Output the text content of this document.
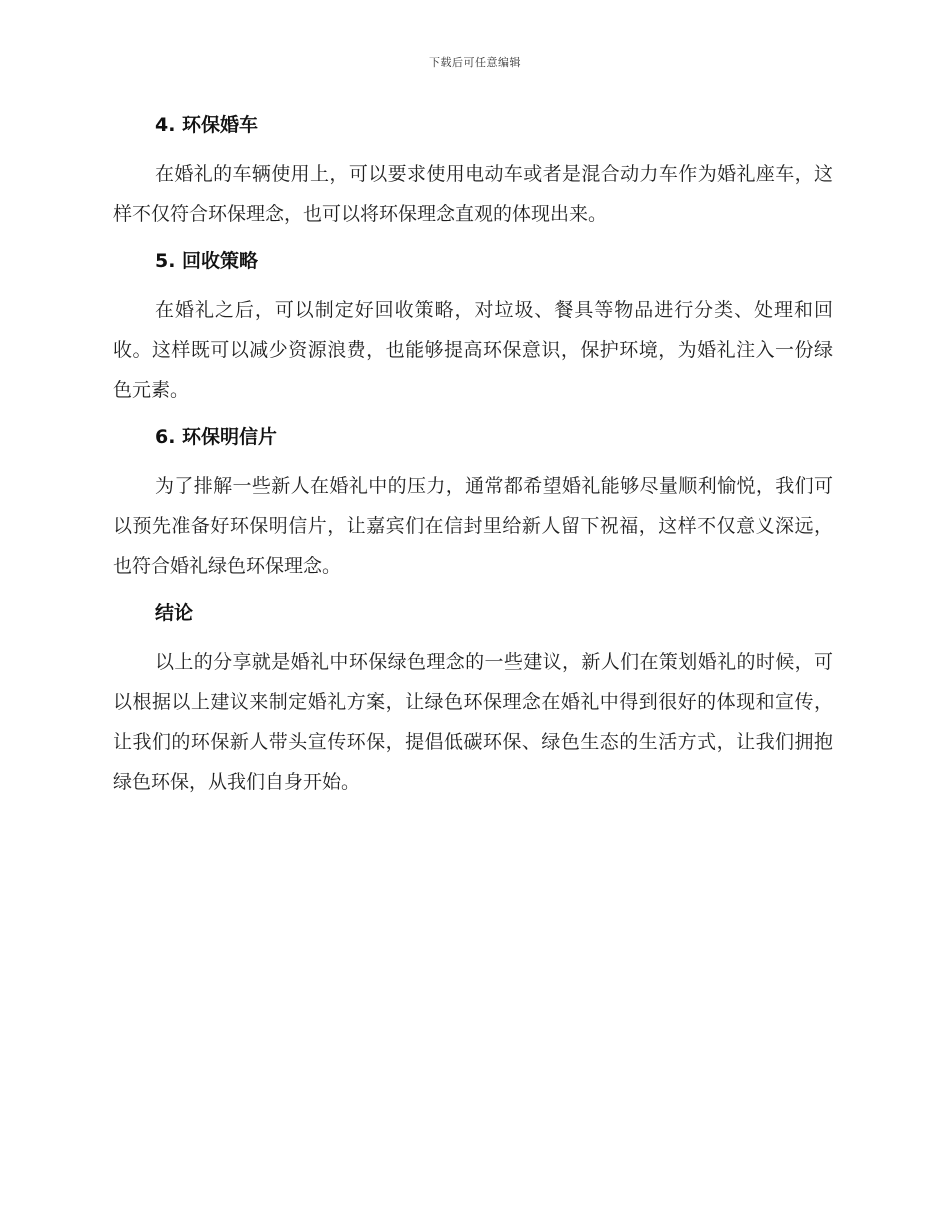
下载后可任意编辑
4. 环保婚车

在婚礼的车辆使用上，可以要求使用电动车或者是混合动力车作为婚礼座车，这样不仅符合环保理念，也可以将环保理念直观的体现出来。

5. 回收策略

在婚礼之后，可以制定好回收策略，对垃圾、餐具等物品进行分类、处理和回收。这样既可以减少资源浪费，也能够提高环保意识，保护环境，为婚礼注入一份绿色元素。

6. 环保明信片

为了排解一些新人在婚礼中的压力，通常都希望婚礼能够尽量顺利愉悦，我们可以预先准备好环保明信片，让嘉宾们在信封里给新人留下祝福，这样不仅意义深远，也符合婚礼绿色环保理念。

结论

以上的分享就是婚礼中环保绿色理念的一些建议，新人们在策划婚礼的时候，可以根据以上建议来制定婚礼方案，让绿色环保理念在婚礼中得到很好的体现和宣传，让我们的环保新人带头宣传环保，提倡低碳环保、绿色生态的生活方式，让我们拥抱绿色环保，从我们自身开始。
